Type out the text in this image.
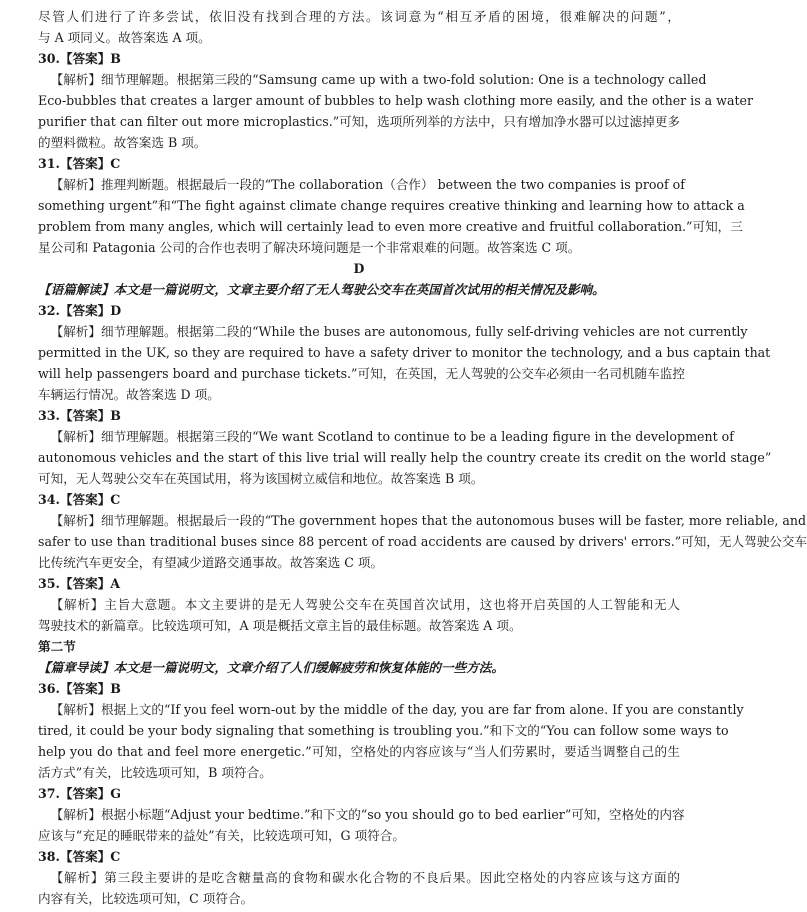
尽管人们进行了许多尝试，依旧没有找到合理的方法。该词意为“相互矛盾的困境，很难解决的问题”，
与 A 项同义。故答案选 A 项。
30.【答案】B
【解析】细节理解题。根据第三段的“Samsung came up with a two-fold solution: One is a technology called
Eco-bubbles that creates a larger amount of bubbles to help wash clothing more easily, and the other is a water
purifier that can filter out more microplastics.”可知，选项所列举的方法中，只有增加净水器可以过滤掉更多
的塑料微粒。故答案选 B 项。
31.【答案】C
【解析】推理判断题。根据最后一段的“The collaboration（合作） between the two companies is proof of
something urgent”和“The fight against climate change requires creative thinking and learning how to attack a
problem from many angles, which will certainly lead to even more creative and fruitful collaboration.”可知，三
星公司和 Patagonia 公司的合作也表明了解决环境问题是一个非常艰难的问题。故答案选 C 项。
D
【语篇解读】本文是一篇说明文，文章主要介绍了无人驾驶公交车在英国首次试用的相关情况及影响。
32.【答案】D
【解析】细节理解题。根据第二段的“While the buses are autonomous, fully self-driving vehicles are not currently
permitted in the UK, so they are required to have a safety driver to monitor the technology, and a bus captain that
will help passengers board and purchase tickets.”可知，在英国，无人驾驶的公交车必须由一名司机随车监控
车辆运行情况。故答案选 D 项。
33.【答案】B
【解析】细节理解题。根据第三段的“We want Scotland to continue to be a leading figure in the development of
autonomous vehicles and the start of this live trial will really help the country create its credit on the world stage”
可知，无人驾驶公交车在英国试用，将为该国树立威信和地位。故答案选 B 项。
34.【答案】C
【解析】细节理解题。根据最后一段的“The government hopes that the autonomous buses will be faster, more reliable, and
safer to use than traditional buses since 88 percent of road accidents are caused by drivers' errors.”可知，无人驾驶公交车
比传统汽车更安全，有望减少道路交通事故。故答案选 C 项。
35.【答案】A
【解析】主旨大意题。本文主要讲的是无人驾驶公交车在英国首次试用，这也将开启英国的人工智能和无人
驾驶技术的新篇章。比较选项可知，A 项是概括文章主旨的最佳标题。故答案选 A 项。
第二节
【篇章导读】本文是一篇说明文，文章介绍了人们缓解疲劳和恢复体能的一些方法。
36.【答案】B
【解析】根据上文的“If you feel worn-out by the middle of the day, you are far from alone. If you are constantly
tired, it could be your body signaling that something is troubling you.”和下文的“You can follow some ways to
help you do that and feel more energetic.”可知，空格处的内容应该与“当人们劳累时，要适当调整自己的生
活方式”有关，比较选项可知，B 项符合。
37.【答案】G
【解析】根据小标题“Adjust your bedtime.”和下文的“so you should go to bed earlier”可知，空格处的内容
应该与“充足的睡眠带来的益处”有关，比较选项可知，G 项符合。
38.【答案】C
【解析】第三段主要讲的是吃含糖量高的食物和碳水化合物的不良后果。因此空格处的内容应该与这方面的
内容有关，比较选项可知，C 项符合。
